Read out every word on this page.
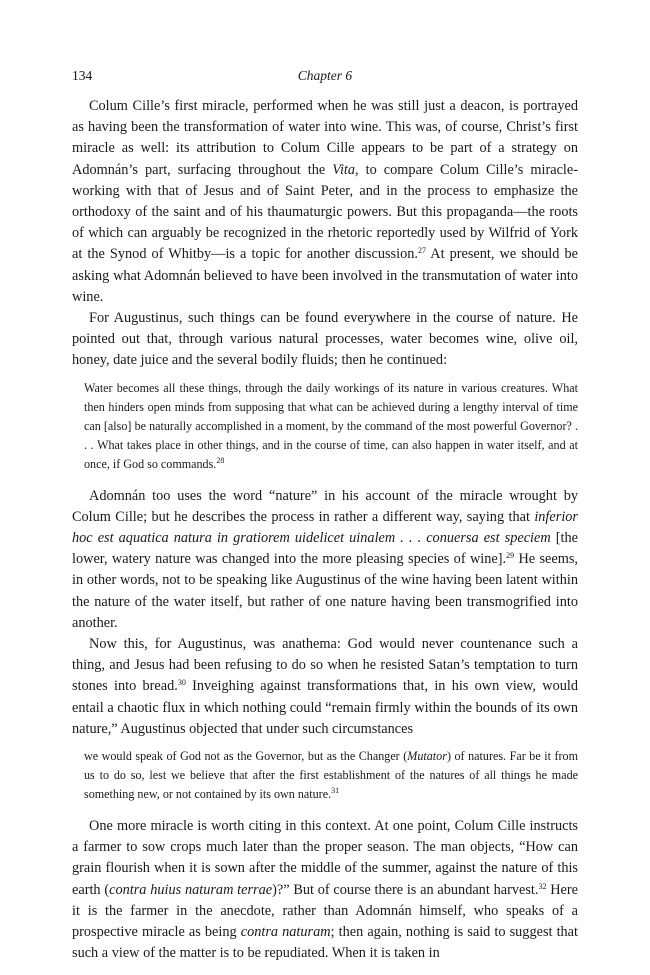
134	Chapter 6

Colum Cille’s first miracle, performed when he was still just a deacon, is portrayed as having been the transformation of water into wine. This was, of course, Christ’s first miracle as well: its attribution to Colum Cille appears to be part of a strategy on Adomnán’s part, surfacing throughout the Vita, to compare Colum Cille’s miracle-working with that of Jesus and of Saint Peter, and in the process to emphasize the orthodoxy of the saint and of his thaumaturgic powers. But this propaganda—the roots of which can arguably be recognized in the rhetoric reportedly used by Wilfrid of York at the Synod of Whitby—is a topic for another discussion.$^{27}$ At present, we should be asking what Adomnán believed to have been involved in the transmutation of water into wine.

For Augustinus, such things can be found everywhere in the course of nature. He pointed out that, through various natural processes, water becomes wine, olive oil, honey, date juice and the several bodily fluids; then he continued:

Water becomes all these things, through the daily workings of its nature in various creatures. What then hinders open minds from supposing that what can be achieved during a lengthy interval of time can [also] be naturally accomplished in a moment, by the command of the most powerful Governor? . . . What takes place in other things, and in the course of time, can also happen in water itself, and at once, if God so commands.$^{28}$

Adomnán too uses the word “nature” in his account of the miracle wrought by Colum Cille; but he describes the process in rather a different way, saying that inferior hoc est aquatica natura in gratiorem uidelicet uinalem . . . conuersa est speciem [the lower, watery nature was changed into the more pleasing species of wine].$^{29}$ He seems, in other words, not to be speaking like Augustinus of the wine having been latent within the nature of the water itself, but rather of one nature having been transmogrified into another.

Now this, for Augustinus, was anathema: God would never countenance such a thing, and Jesus had been refusing to do so when he resisted Satan’s temptation to turn stones into bread.$^{30}$ Inveighing against transformations that, in his own view, would entail a chaotic flux in which nothing could “remain firmly within the bounds of its own nature,” Augustinus objected that under such circumstances

we would speak of God not as the Governor, but as the Changer (Mutator) of natures. Far be it from us to do so, lest we believe that after the first establishment of the natures of all things he made something new, or not contained by its own nature.$^{31}$

One more miracle is worth citing in this context. At one point, Colum Cille instructs a farmer to sow crops much later than the proper season. The man objects, “How can grain flourish when it is sown after the middle of the summer, against the nature of this earth (contra huius naturam terrae)?” But of course there is an abundant harvest.$^{32}$ Here it is the farmer in the anecdote, rather than Adomnán himself, who speaks of a prospective miracle as being contra naturam; then again, nothing is said to suggest that such a view of the matter is to be repudiated. When it is taken in
